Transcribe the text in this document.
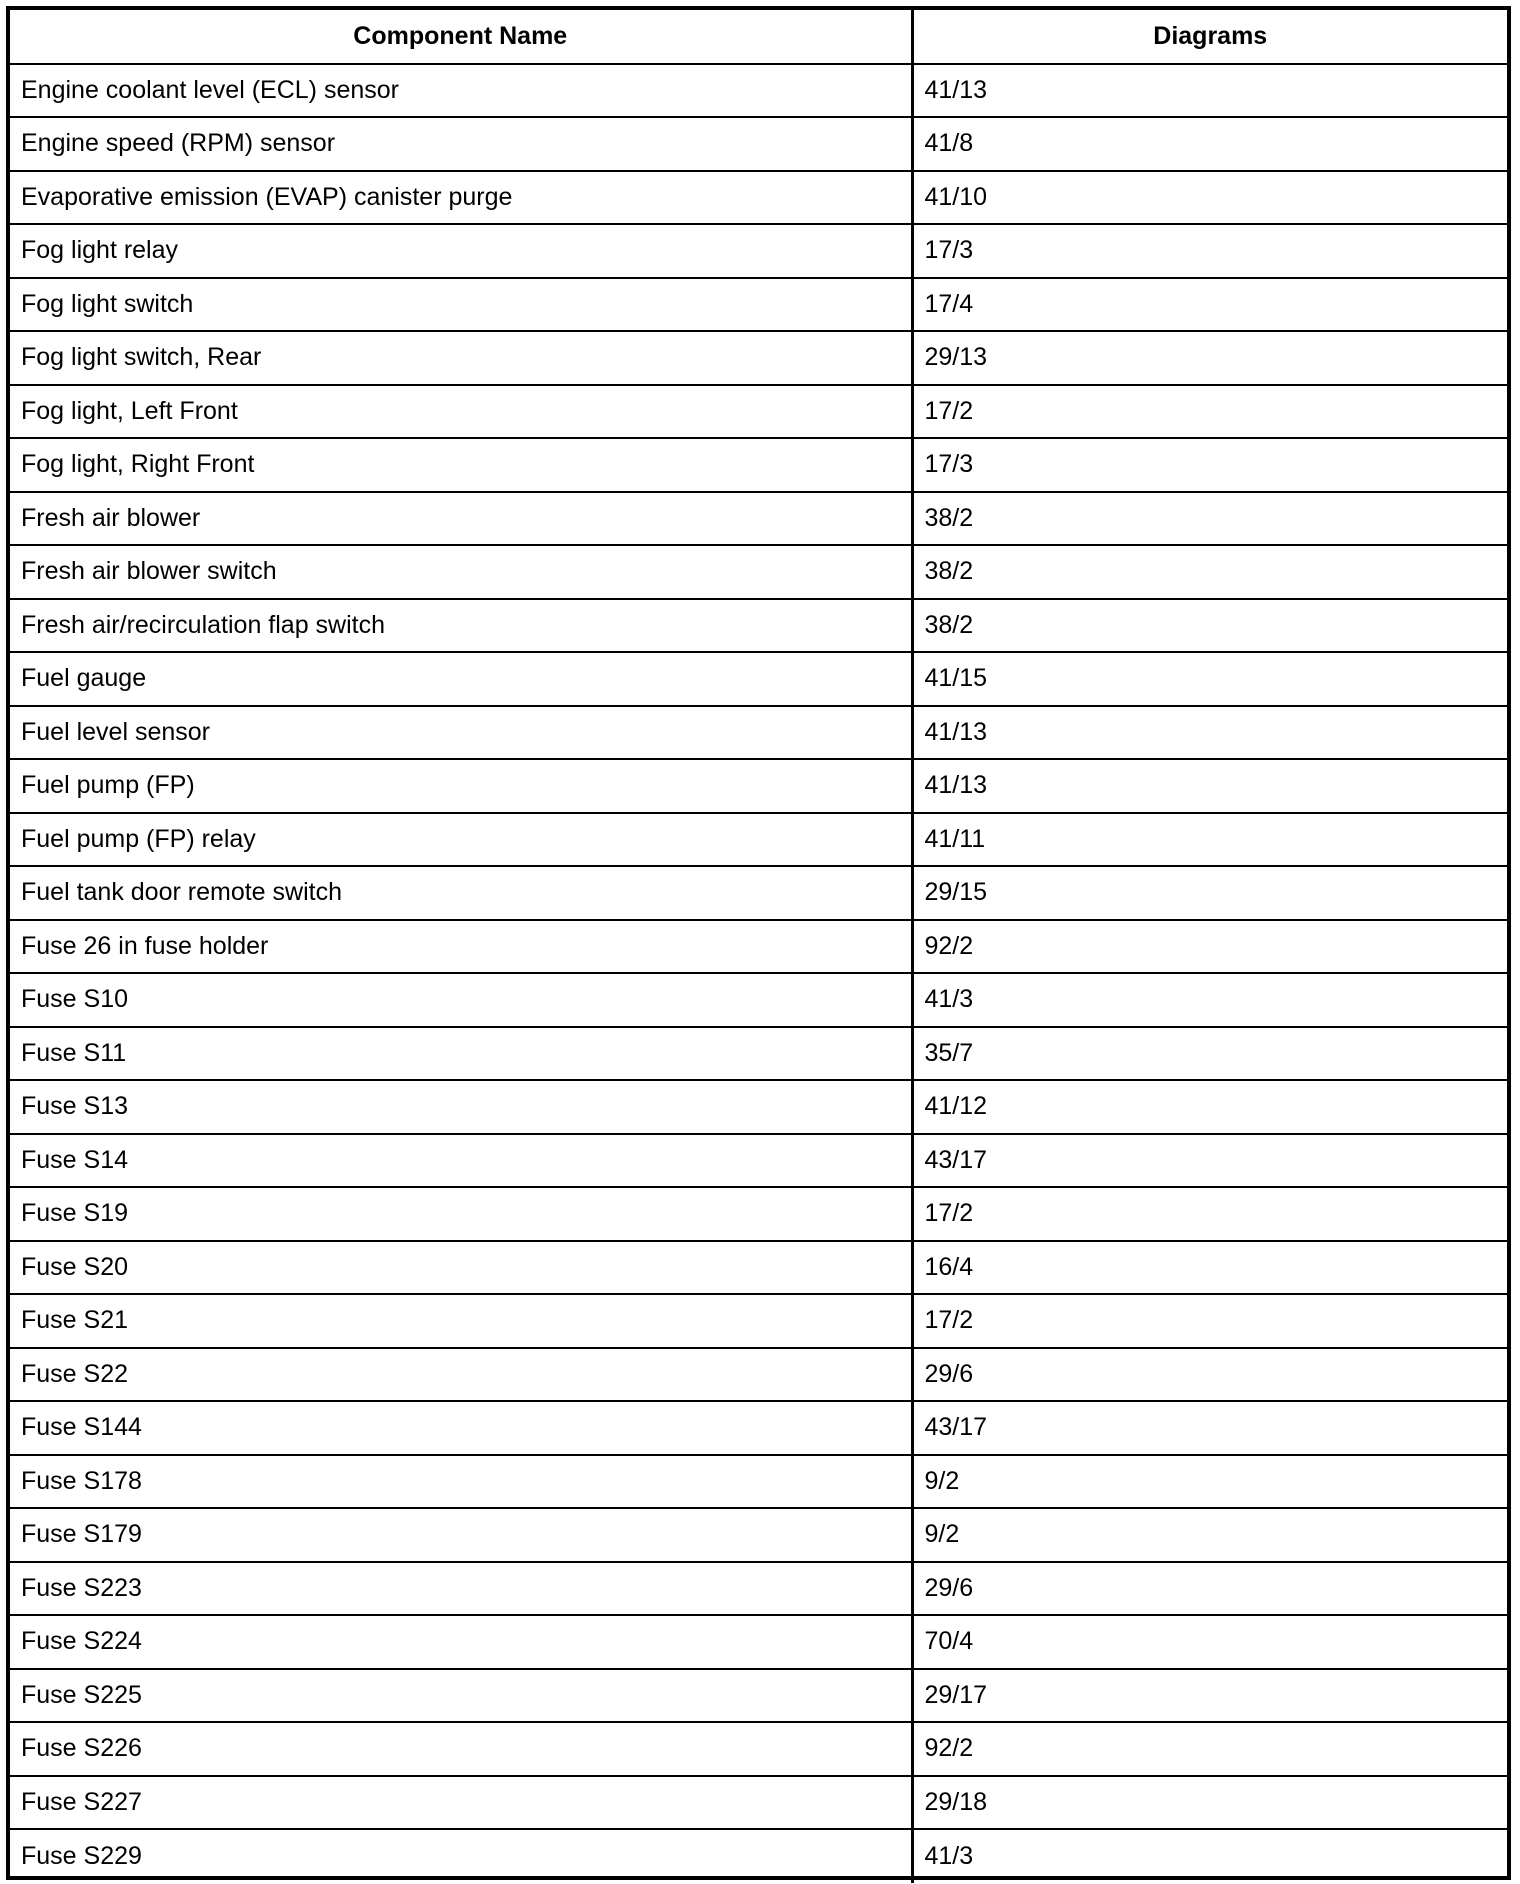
Component Name	Diagrams
Engine coolant level (ECL) sensor	41/13
Engine speed (RPM) sensor	41/8
Evaporative emission (EVAP) canister purge	41/10
Fog light relay	17/3
Fog light switch	17/4
Fog light switch, Rear	29/13
Fog light, Left Front	17/2
Fog light, Right Front	17/3
Fresh air blower	38/2
Fresh air blower switch	38/2
Fresh air/recirculation flap switch	38/2
Fuel gauge	41/15
Fuel level sensor	41/13
Fuel pump (FP)	41/13
Fuel pump (FP) relay	41/11
Fuel tank door remote switch	29/15
Fuse 26 in fuse holder	92/2
Fuse S10	41/3
Fuse S11	35/7
Fuse S13	41/12
Fuse S14	43/17
Fuse S19	17/2
Fuse S20	16/4
Fuse S21	17/2
Fuse S22	29/6
Fuse S144	43/17
Fuse S178	9/2
Fuse S179	9/2
Fuse S223	29/6
Fuse S224	70/4
Fuse S225	29/17
Fuse S226	92/2
Fuse S227	29/18
Fuse S229	41/3
